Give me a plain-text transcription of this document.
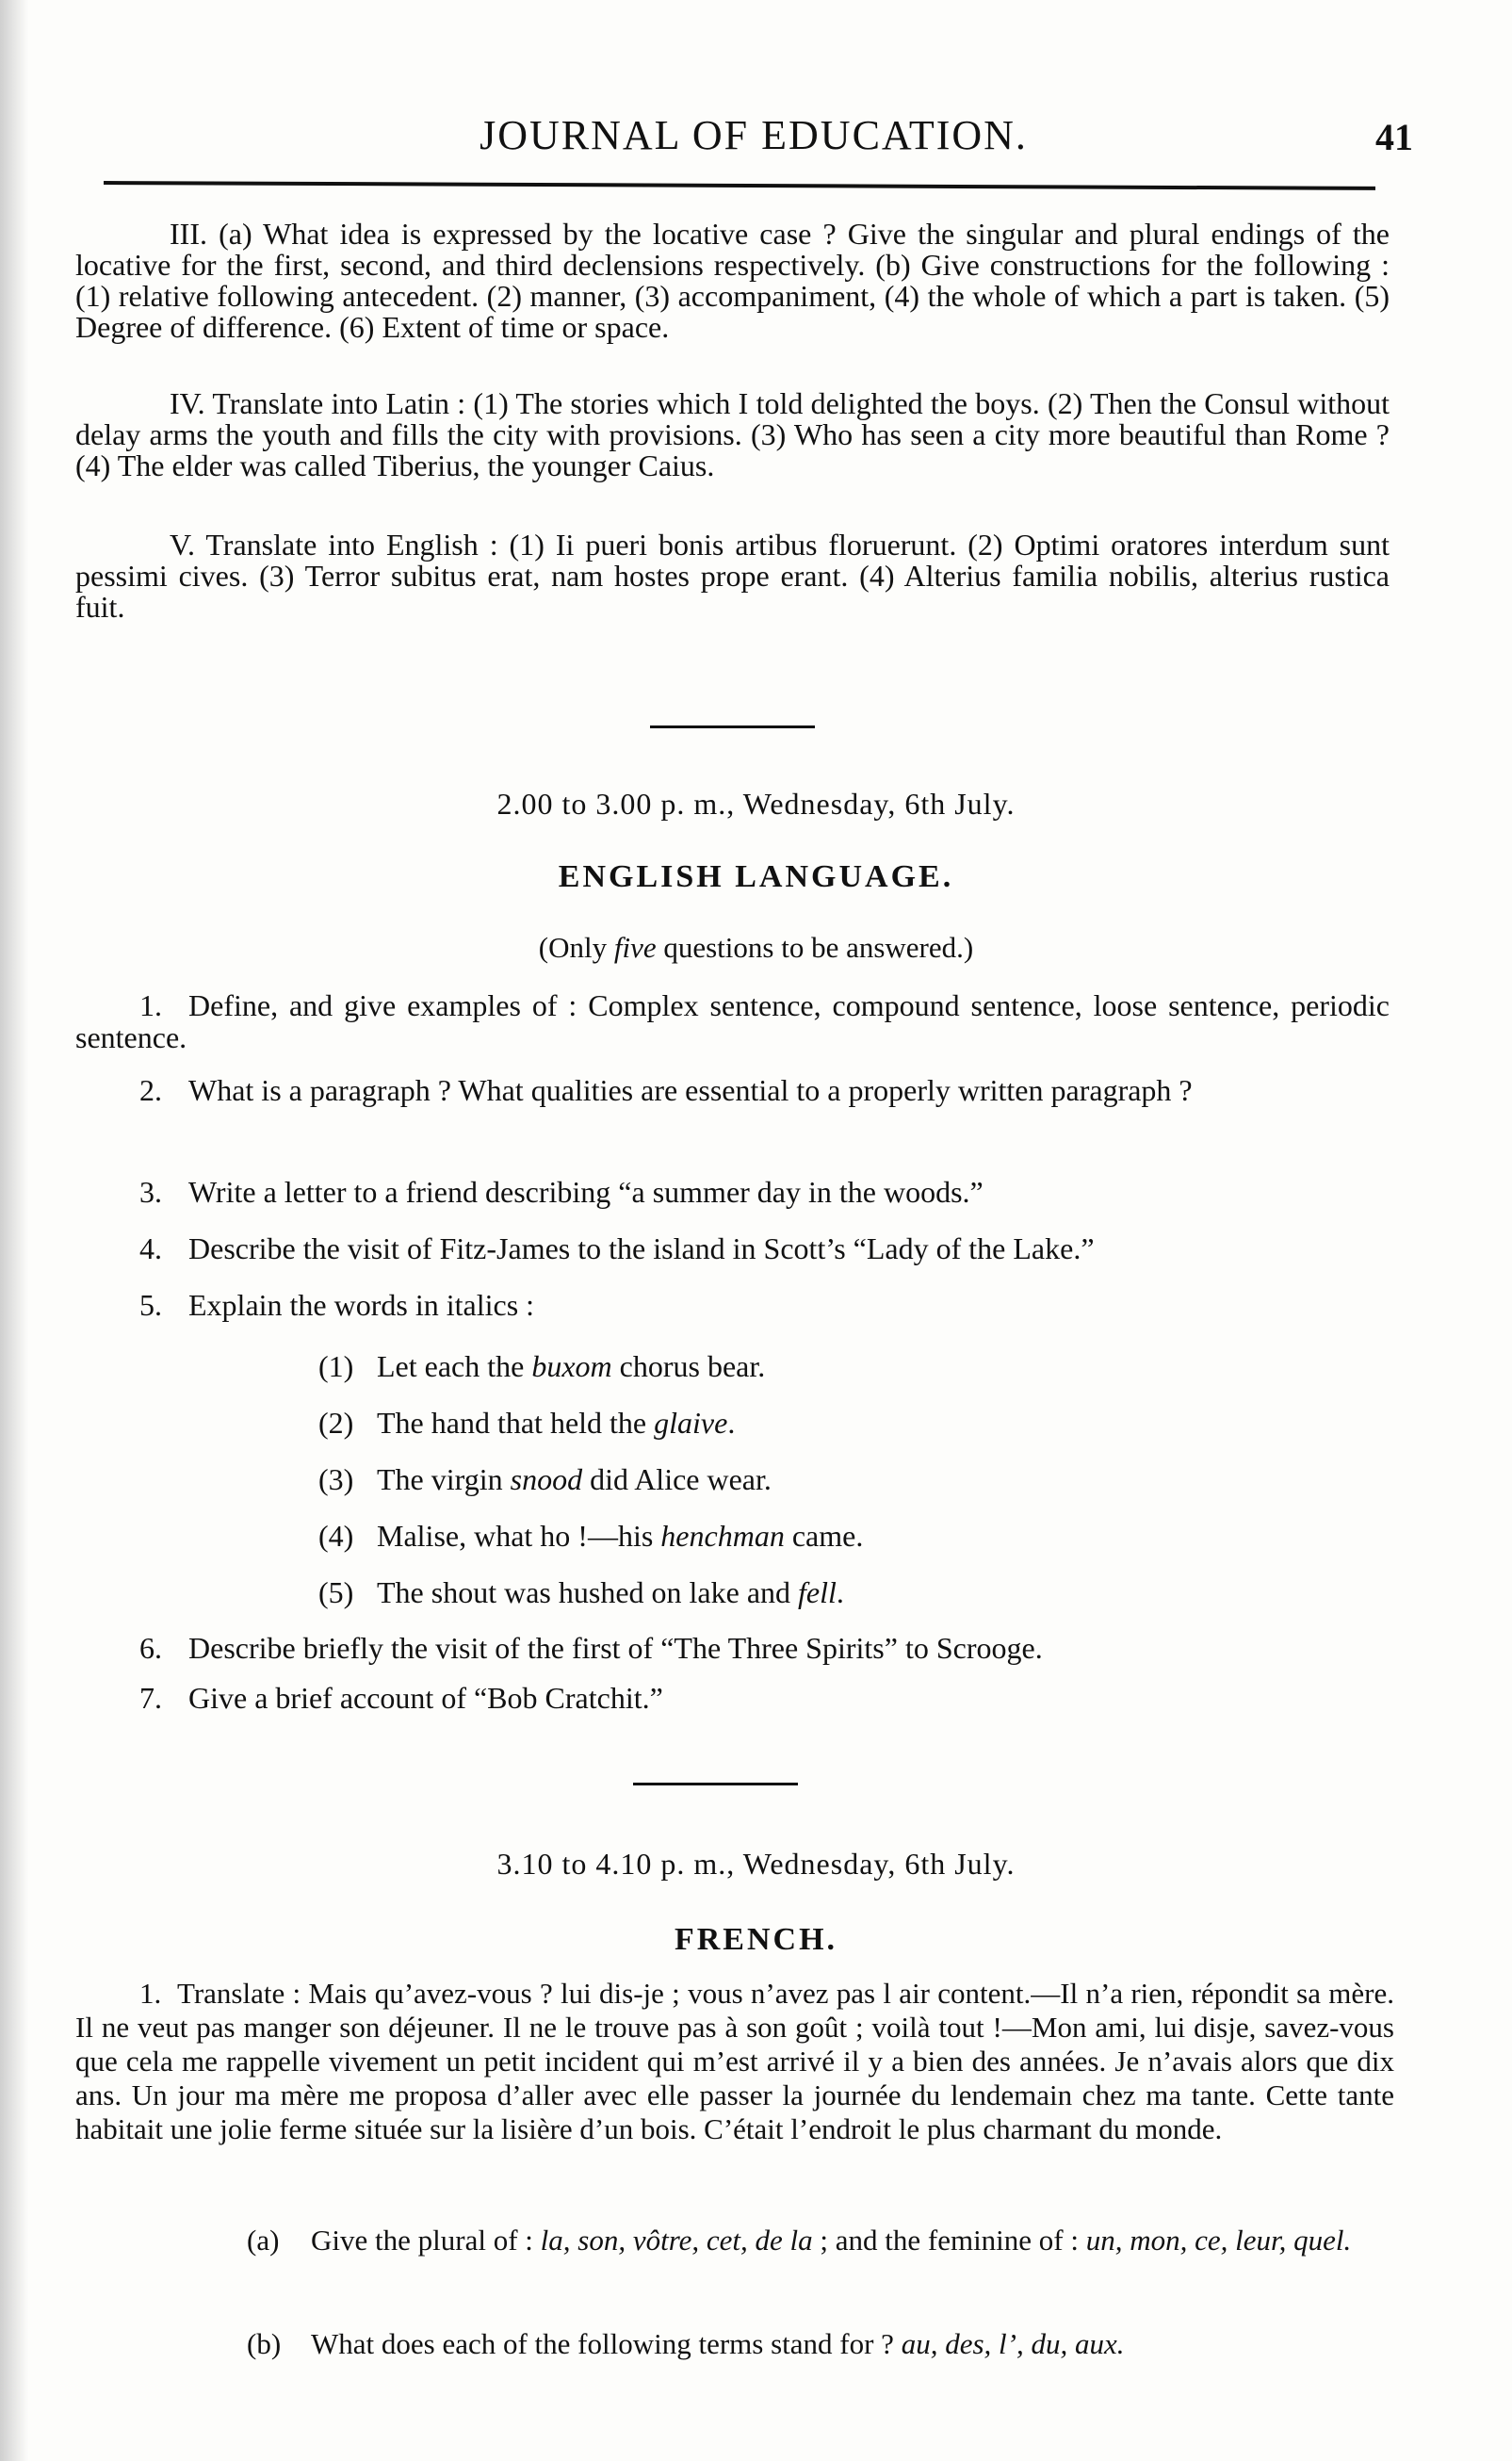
JOURNAL OF EDUCATION.	41
III. (a) What idea is expressed by the locative case ? Give the singular and plural endings of the locative for the first, second, and third declensions respectively. (b) Give constructions for the following : (1) relative following antecedent. (2) manner, (3) accompaniment, (4) the whole of which a part is taken. (5) Degree of difference. (6) Extent of time or space.
IV. Translate into Latin : (1) The stories which I told delighted the boys. (2) Then the Consul without delay arms the youth and fills the city with provisions. (3) Who has seen a city more beautiful than Rome ? (4) The elder was called Tiberius, the younger Caius.
V. Translate into English : (1) Ii pueri bonis artibus floruerunt. (2) Optimi oratores interdum sunt pessimi cives. (3) Terror subitus erat, nam hostes prope erant. (4) Alterius familia nobilis, alterius rustica fuit.
2.00 to 3.00 p. m., Wednesday, 6th July.
ENGLISH LANGUAGE.
(Only five questions to be answered.)
1. Define, and give examples of : Complex sentence, compound sentence, loose sentence, periodic sentence.
2. What is a paragraph ? What qualities are essential to a properly written paragraph ?
3. Write a letter to a friend describing “a summer day in the woods.”
4. Describe the visit of Fitz-James to the island in Scott’s “Lady of the Lake.”
5. Explain the words in italics :
(1) Let each the buxom chorus bear.
(2) The hand that held the glaive.
(3) The virgin snood did Alice wear.
(4) Malise, what ho !—his henchman came.
(5) The shout was hushed on lake and fell.
6. Describe briefly the visit of the first of “The Three Spirits” to Scrooge.
7. Give a brief account of “Bob Cratchit.”
3.10 to 4.10 p. m., Wednesday, 6th July.
FRENCH.
1. Translate : Mais qu’avez-vous ? lui dis-je ; vous n’avez pas l air content.—Il n’a rien, répondit sa mère. Il ne veut pas manger son déjeuner. Il ne le trouve pas à son goût ; voilà tout !—Mon ami, lui disje, savez-vous que cela me rappelle vivement un petit incident qui m’est arrivé il y a bien des années. Je n’avais alors que dix ans. Un jour ma mère me proposa d’aller avec elle passer la journée du lendemain chez ma tante. Cette tante habitait une jolie ferme située sur la lisière d’un bois. C’était l’endroit le plus charmant du monde.
(a) Give the plural of : la, son, vôtre, cet, de la ; and the feminine of : un, mon, ce, leur, quel.
(b) What does each of the following terms stand for ? au, des, l’, du, aux.
